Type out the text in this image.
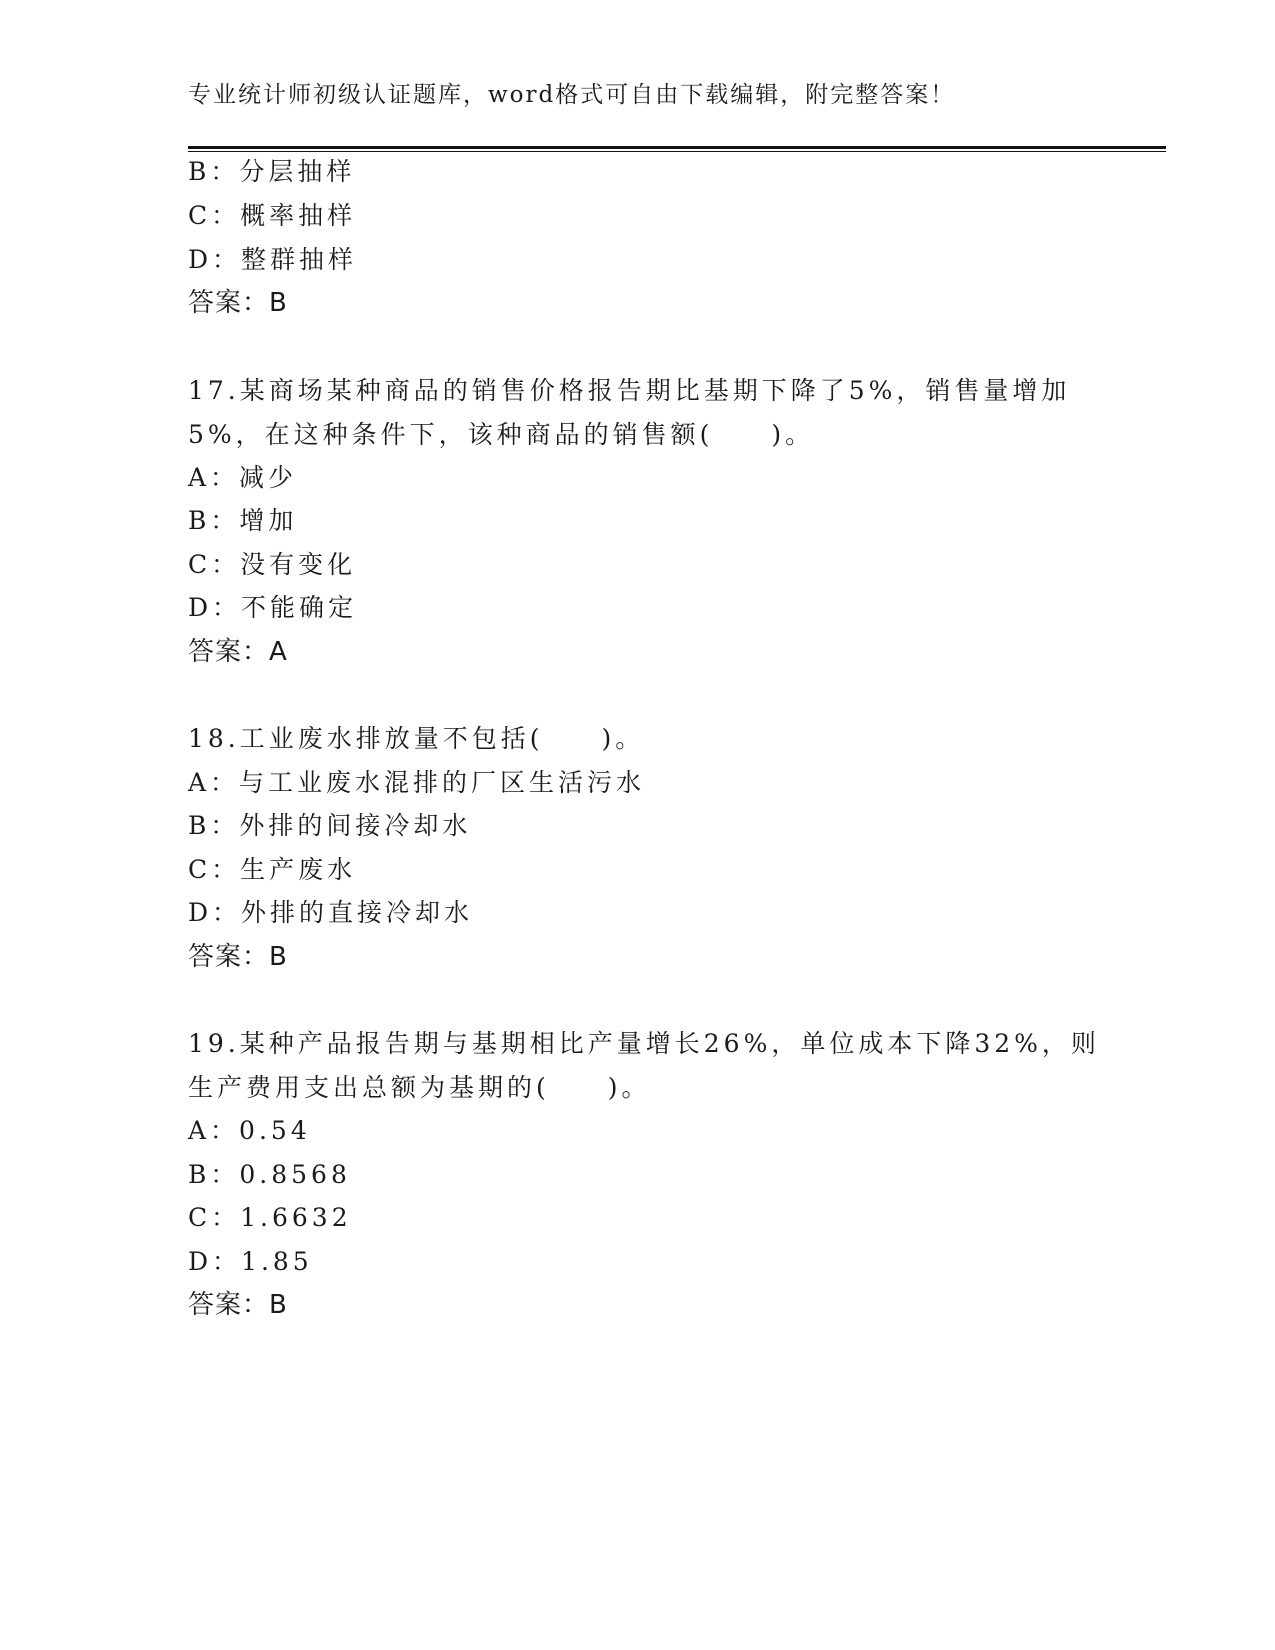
专业统计师初级认证题库，word格式可自由下载编辑，附完整答案！
B：分层抽样
C：概率抽样
D：整群抽样
答案：B
17.某商场某种商品的销售价格报告期比基期下降了5%，销售量增加
5%，在这种条件下，该种商品的销售额(　　)。
A：减少
B：增加
C：没有变化
D：不能确定
答案：A
18.工业废水排放量不包括(　　)。
A：与工业废水混排的厂区生活污水
B：外排的间接冷却水
C：生产废水
D：外排的直接冷却水
答案：B
19.某种产品报告期与基期相比产量增长26%，单位成本下降32%，则
生产费用支出总额为基期的(　　)。
A：0.54
B：0.8568
C：1.6632
D：1.85
答案：B
